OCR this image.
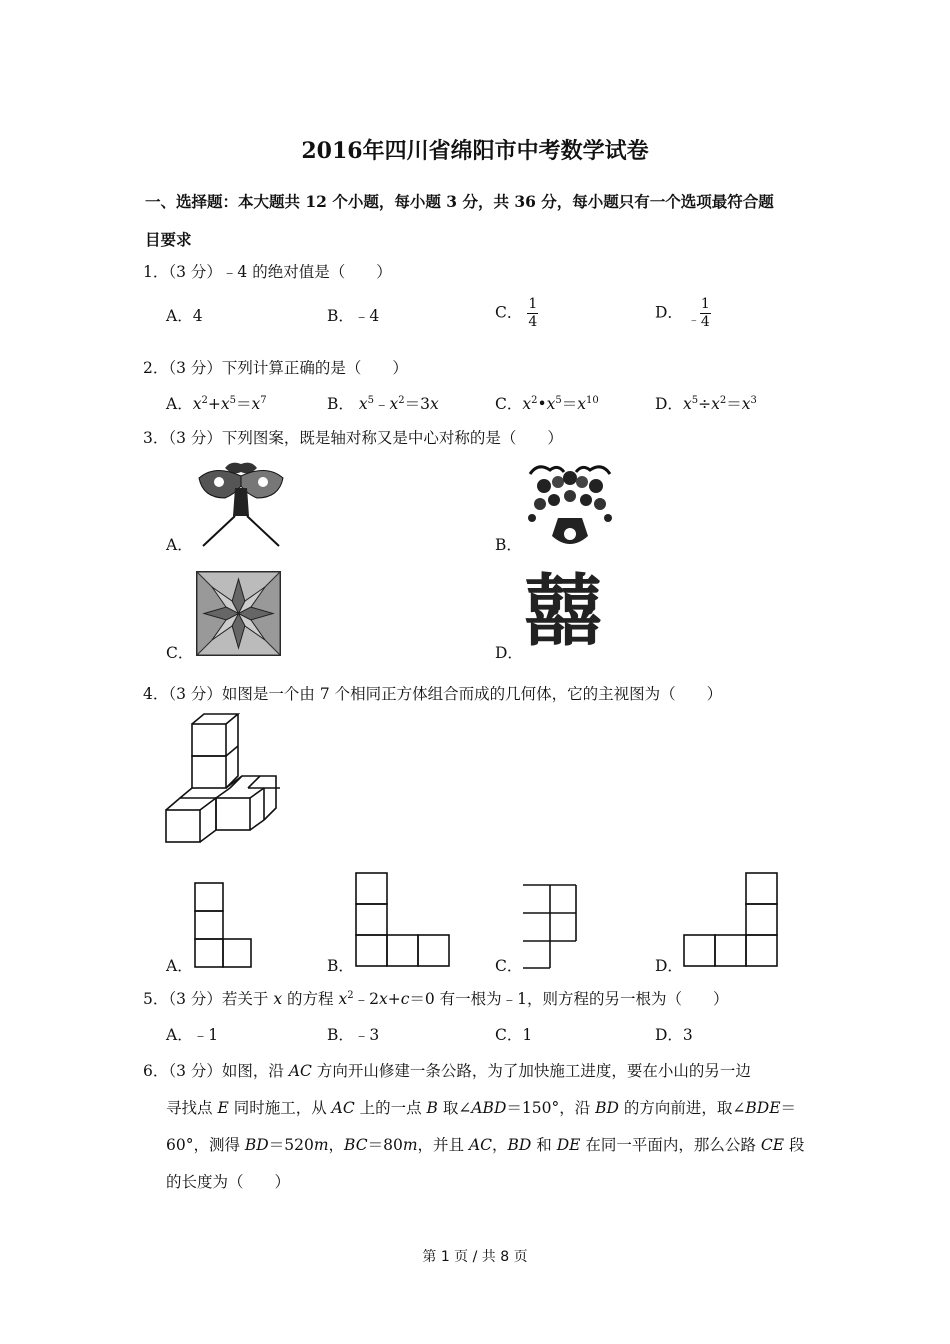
2016年四川省绵阳市中考数学试卷
一、选择题：本大题共 12 个小题，每小题 3 分，共 36 分，每小题只有一个选项最符合题
目要求
1．（3 分）﹣4 的绝对值是（　　）
A．4	B．﹣4	C． $\frac{1}{4}$	D． $_﹣ \frac{1}{4}$
2．（3 分）下列计算正确的是（　　）
A．$x^2+x^5=x^7$	B． $x^5﹣x^2=3x$	C．$x^2•x^5=x^{10}$	D．$x^5\div x^2=x^3$
3．（3 分）下列图案，既是轴对称又是中心对称的是（　　）
A．	B．
C．	囍
D．
4．（3 分）如图是一个由 7 个相同正方体组合而成的几何体，它的主视图为（　　）
A．	B．	C．	D．
5．（3 分）若关于 x 的方程 $x^2﹣2x+c=0$ 有一根为﹣1，则方程的另一根为（　　）
A．﹣1	B．﹣3	C．1	D．3
6．（3 分）如图，沿 AC 方向开山修建一条公路，为了加快施工进度，要在小山的另一边
寻找点 E 同时施工，从 AC 上的一点 B 取∠ABD＝150°，沿 BD 的方向前进，取∠BDE＝
60°，测得 BD＝520m，BC＝80m，并且 AC，BD 和 DE 在同一平面内，那么公路 CE 段
的长度为（　　）
第 1 页 / 共 8 页
